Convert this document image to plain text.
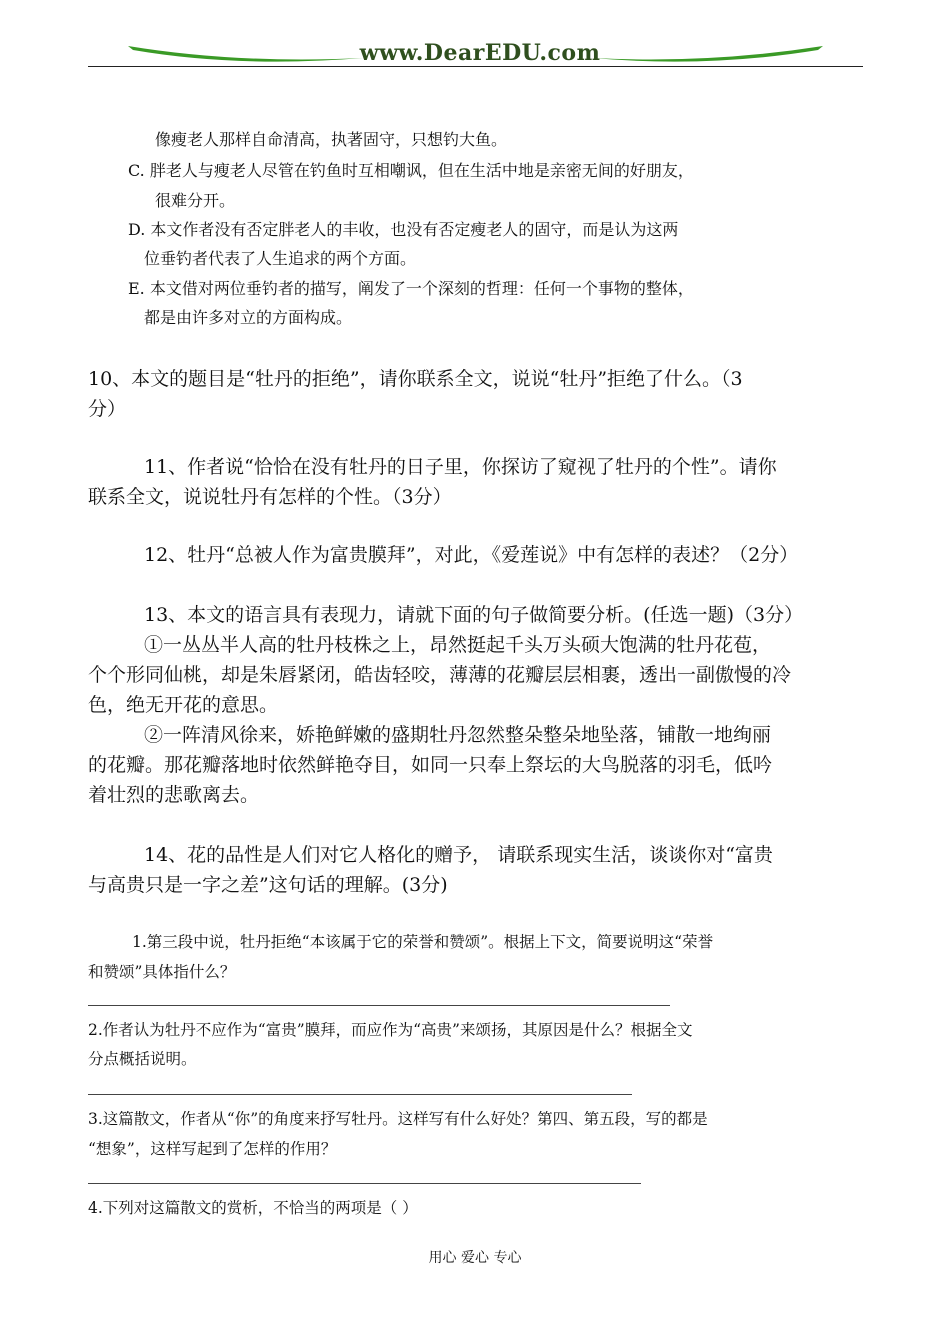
www.DearEDU.com
像瘦老人那样自命清高，执著固守，只想钓大鱼。
C. 胖老人与瘦老人尽管在钓鱼时互相嘲讽，但在生活中地是亲密无间的好朋友，
很难分开。
D. 本文作者没有否定胖老人的丰收，也没有否定瘦老人的固守，而是认为这两
位垂钓者代表了人生追求的两个方面。
E. 本文借对两位垂钓者的描写，阐发了一个深刻的哲理：任何一个事物的整体，
都是由许多对立的方面构成。
10、本文的题目是“牡丹的拒绝”，请你联系全文，说说“牡丹”拒绝了什么。（3
分）
11、作者说“恰恰在没有牡丹的日子里，你探访了窥视了牡丹的个性”。请你
联系全文，说说牡丹有怎样的个性。（3分）
12、牡丹“总被人作为富贵膜拜”，对此，《爱莲说》中有怎样的表述？（2分）
13、本文的语言具有表现力，请就下面的句子做简要分析。(任选一题)（3分）
①一丛丛半人高的牡丹枝株之上，昂然挺起千头万头硕大饱满的牡丹花苞，
个个形同仙桃，却是朱唇紧闭，皓齿轻咬，薄薄的花瓣层层相裹，透出一副傲慢的冷
色，绝无开花的意思。
②一阵清风徐来，娇艳鲜嫩的盛期牡丹忽然整朵整朵地坠落，铺散一地绚丽
的花瓣。那花瓣落地时依然鲜艳夺目，如同一只奉上祭坛的大鸟脱落的羽毛，低吟
着壮烈的悲歌离去。
14、花的品性是人们对它人格化的赠予， 请联系现实生活，谈谈你对“富贵
与高贵只是一字之差”这句话的理解。(3分)
1.第三段中说，牡丹拒绝“本该属于它的荣誉和赞颂”。根据上下文，简要说明这“荣誉
和赞颂”具体指什么？
2.作者认为牡丹不应作为“富贵”膜拜，而应作为“高贵”来颂扬，其原因是什么？根据全文
分点概括说明。
3.这篇散文，作者从“你”的角度来抒写牡丹。这样写有什么好处？第四、第五段，写的都是
“想象”，这样写起到了怎样的作用？
4.下列对这篇散文的赏析，不恰当的两项是（ ）
用心 爱心 专心
